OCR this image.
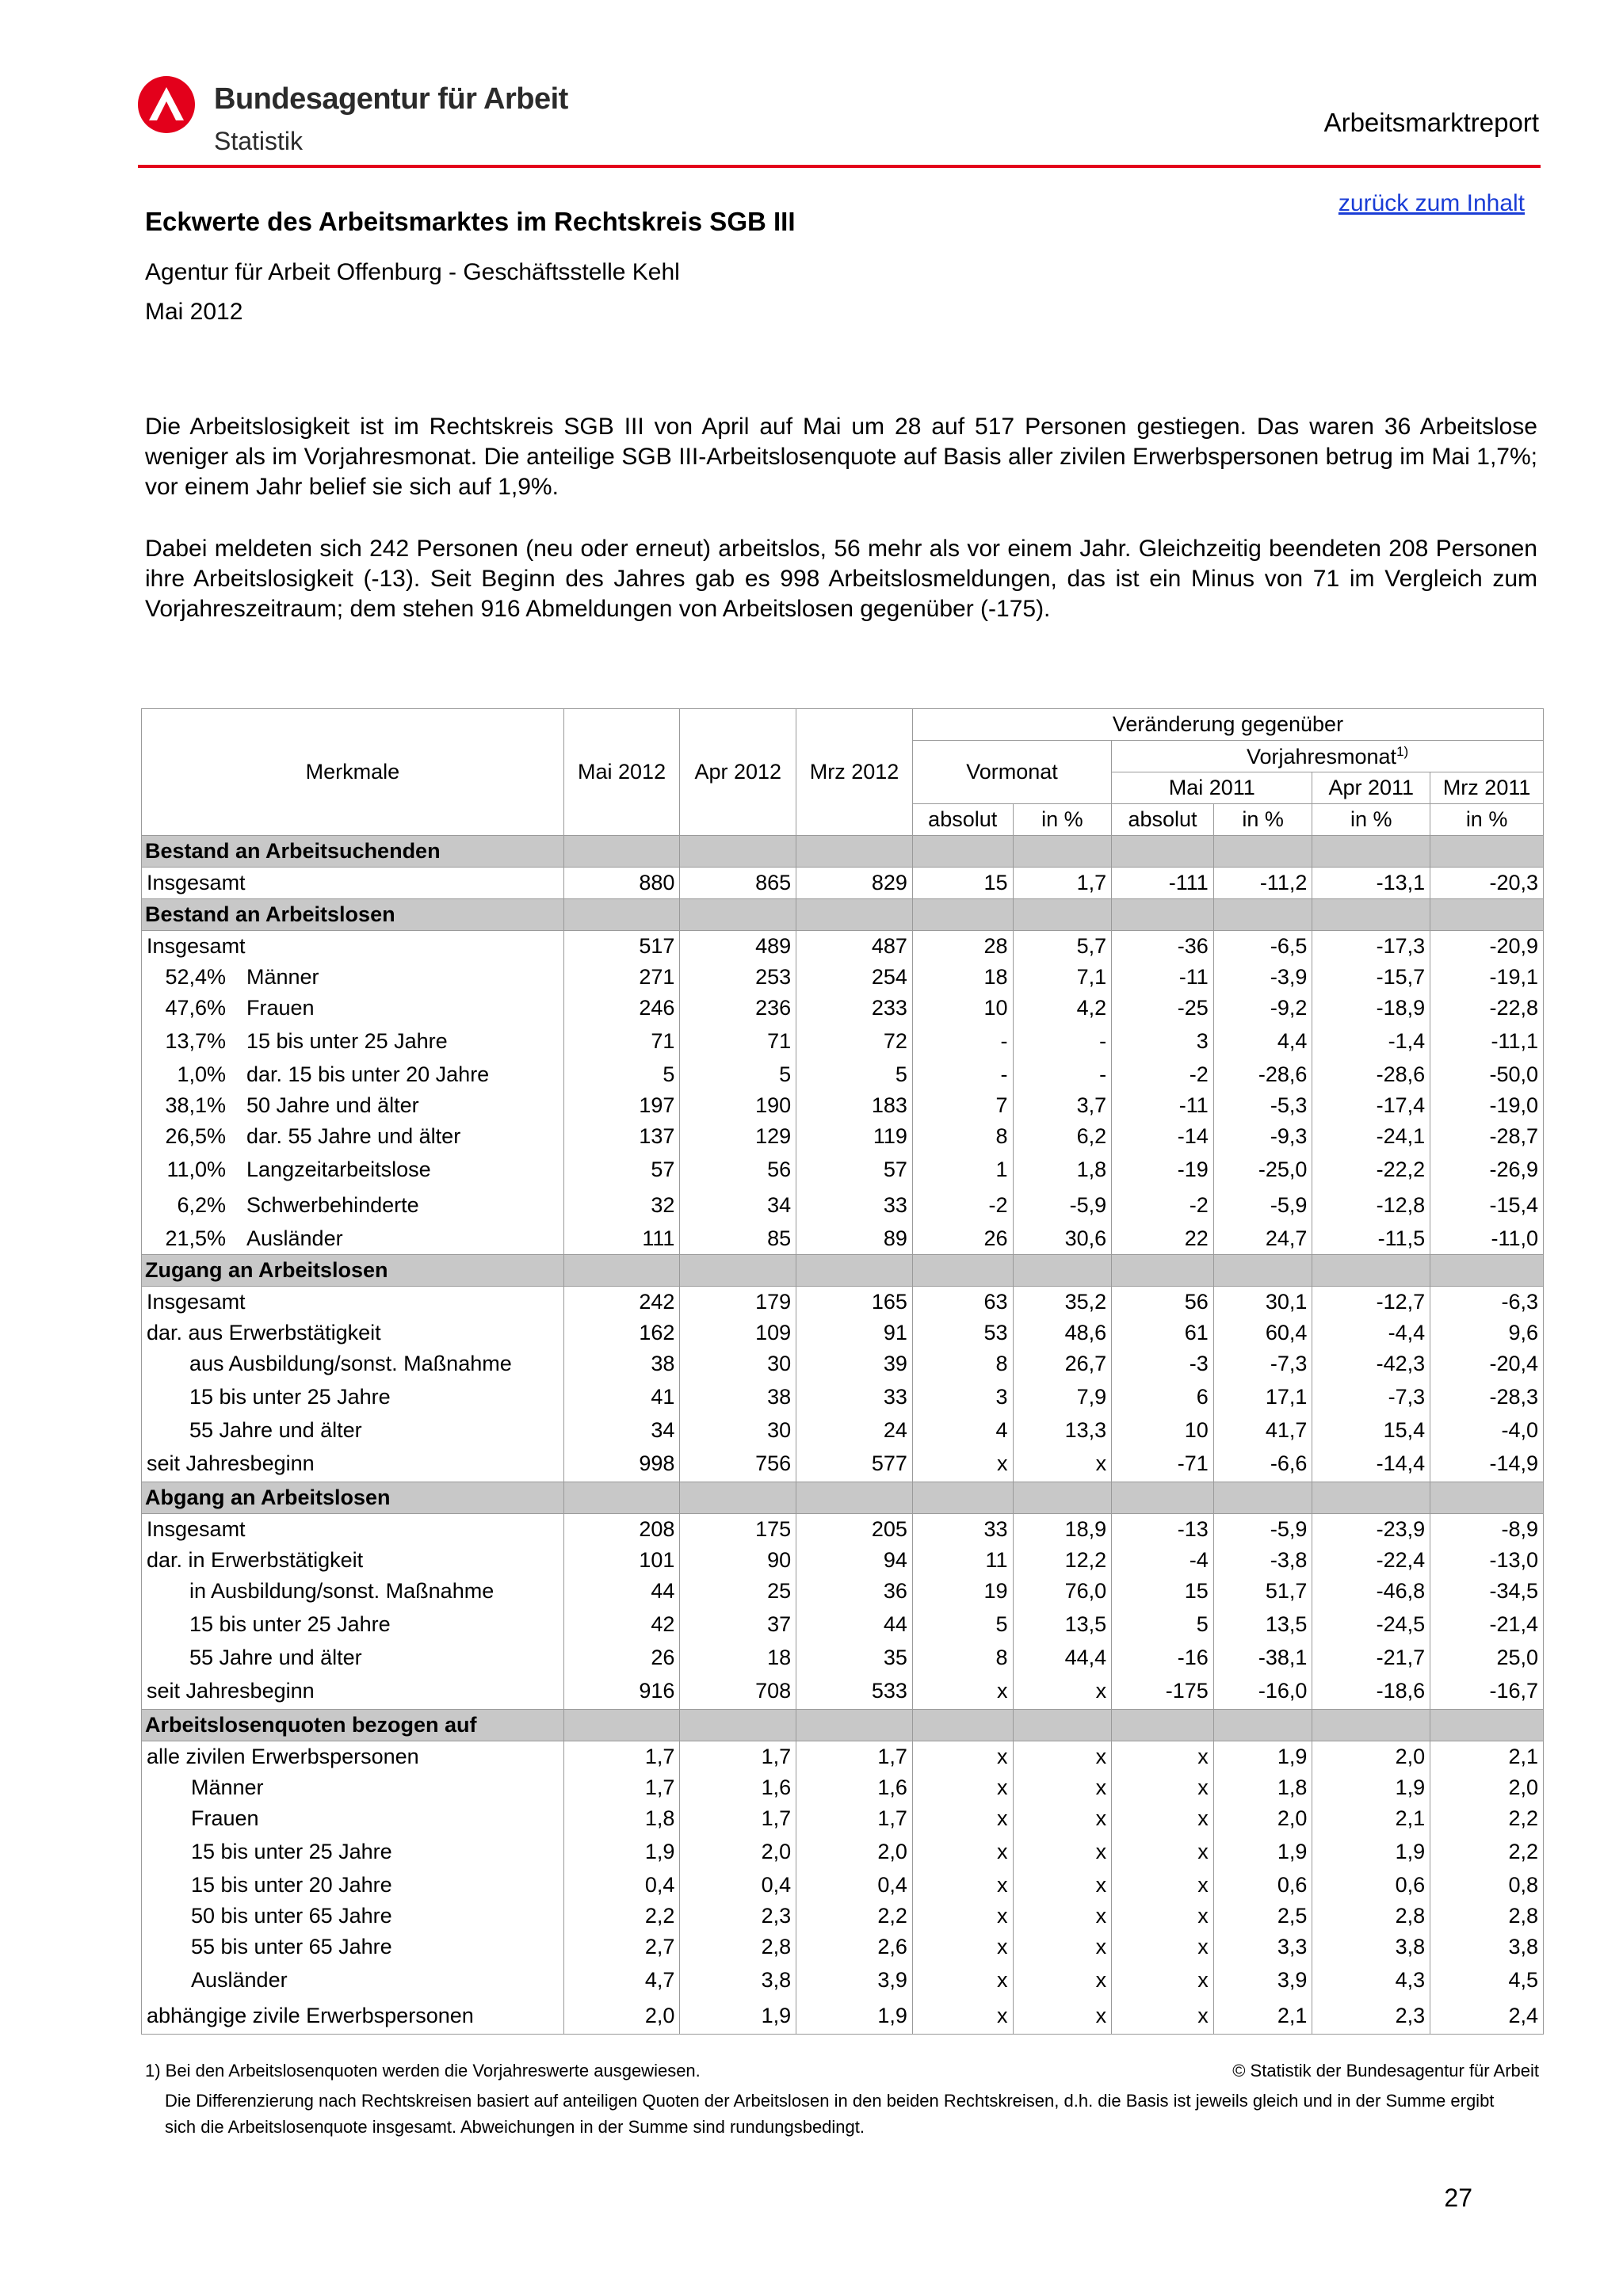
Bundesagentur für Arbeit
Statistik
Arbeitsmarktreport
zurück zum Inhalt
Eckwerte des Arbeitsmarktes im Rechtskreis SGB III
Agentur für Arbeit Offenburg - Geschäftsstelle Kehl
Mai 2012
Die Arbeitslosigkeit ist im Rechtskreis SGB III von April auf Mai um 28 auf 517 Personen gestiegen. Das waren 36 Arbeitslose weniger als im Vorjahresmonat. Die anteilige SGB III-Arbeitslosenquote auf Basis aller zivilen Erwerbspersonen betrug im Mai 1,7%; vor einem Jahr belief sie sich auf 1,9%.
Dabei meldeten sich 242 Personen (neu oder erneut) arbeitslos, 56 mehr als vor einem Jahr. Gleichzeitig beendeten 208 Personen ihre Arbeitslosigkeit (-13). Seit Beginn des Jahres gab es 998 Arbeitslosmeldungen, das ist ein Minus von 71 im Vergleich zum Vorjahreszeitraum; dem stehen 916 Abmeldungen von Arbeitslosen gegenüber (-175).
Merkmale	Mai 2012	Apr 2012	Mrz 2012	Veränderung gegenüber					
				Vormonat		Vorjahresmonat$^{1)}$
						Mai 2011		Apr 2011	Mrz 2011
				absolut	in %	absolut	in %	in %	in %
Bestand an Arbeitsuchenden									
Insgesamt	880	865	829	15	1,7	-111	-11,2	-13,1	-20,3
Bestand an Arbeitslosen									
Insgesamt	517	489	487	28	5,7	-36	-6,5	-17,3	-20,9
52,4% Männer	271	253	254	18	7,1	-11	-3,9	-15,7	-19,1
47,6% Frauen	246	236	233	10	4,2	-25	-9,2	-18,9	-22,8
13,7% 15 bis unter 25 Jahre	71	71	72	-	-	3	4,4	-1,4	-11,1
1,0% dar. 15 bis unter 20 Jahre	5	5	5	-	-	-2	-28,6	-28,6	-50,0
38,1% 50 Jahre und älter	197	190	183	7	3,7	-11	-5,3	-17,4	-19,0
26,5% dar. 55 Jahre und älter	137	129	119	8	6,2	-14	-9,3	-24,1	-28,7
11,0% Langzeitarbeitslose	57	56	57	1	1,8	-19	-25,0	-22,2	-26,9
6,2% Schwerbehinderte	32	34	33	-2	-5,9	-2	-5,9	-12,8	-15,4
21,5% Ausländer	111	85	89	26	30,6	22	24,7	-11,5	-11,0
Zugang an Arbeitslosen									
Insgesamt	242	179	165	63	35,2	56	30,1	-12,7	-6,3
dar. aus Erwerbstätigkeit	162	109	91	53	48,6	61	60,4	-4,4	9,6
aus Ausbildung/sonst. Maßnahme	38	30	39	8	26,7	-3	-7,3	-42,3	-20,4
15 bis unter 25 Jahre	41	38	33	3	7,9	6	17,1	-7,3	-28,3
55 Jahre und älter	34	30	24	4	13,3	10	41,7	15,4	-4,0
seit Jahresbeginn	998	756	577	x	x	-71	-6,6	-14,4	-14,9
Abgang an Arbeitslosen									
Insgesamt	208	175	205	33	18,9	-13	-5,9	-23,9	-8,9
dar. in Erwerbstätigkeit	101	90	94	11	12,2	-4	-3,8	-22,4	-13,0
in Ausbildung/sonst. Maßnahme	44	25	36	19	76,0	15	51,7	-46,8	-34,5
15 bis unter 25 Jahre	42	37	44	5	13,5	5	13,5	-24,5	-21,4
55 Jahre und älter	26	18	35	8	44,4	-16	-38,1	-21,7	25,0
seit Jahresbeginn	916	708	533	x	x	-175	-16,0	-18,6	-16,7
Arbeitslosenquoten bezogen auf									
alle zivilen Erwerbspersonen	1,7	1,7	1,7	x	x	x	1,9	2,0	2,1
Männer	1,7	1,6	1,6	x	x	x	1,8	1,9	2,0
Frauen	1,8	1,7	1,7	x	x	x	2,0	2,1	2,2
15 bis unter 25 Jahre	1,9	2,0	2,0	x	x	x	1,9	1,9	2,2
15 bis unter 20 Jahre	0,4	0,4	0,4	x	x	x	0,6	0,6	0,8
50 bis unter 65 Jahre	2,2	2,3	2,2	x	x	x	2,5	2,8	2,8
55 bis unter 65 Jahre	2,7	2,8	2,6	x	x	x	3,3	3,8	3,8
Ausländer	4,7	3,8	3,9	x	x	x	3,9	4,3	4,5
abhängige zivile Erwerbspersonen	2,0	1,9	1,9	x	x	x	2,1	2,3	2,4
1) Bei den Arbeitslosenquoten werden die Vorjahreswerte ausgewiesen.	© Statistik der Bundesagentur für Arbeit
Die Differenzierung nach Rechtskreisen basiert auf anteiligen Quoten der Arbeitslosen in den beiden Rechtskreisen, d.h. die Basis ist jeweils gleich und in der Summe ergibt sich die Arbeitslosenquote insgesamt. Abweichungen in der Summe sind rundungsbedingt.
27
